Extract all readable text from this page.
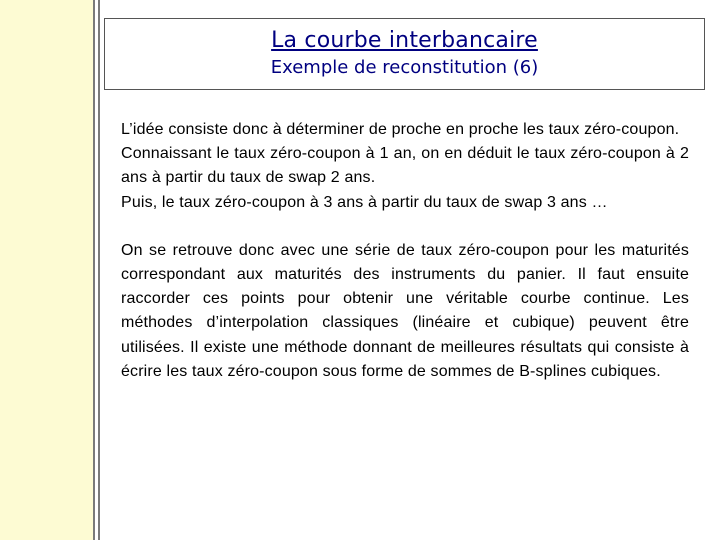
La courbe interbancaire
Exemple de reconstitution (6)

L’idée consiste donc à déterminer de proche en proche les taux zéro-coupon.

Connaissant le taux zéro-coupon à 1 an, on en déduit le taux zéro-coupon à 2 ans à partir du taux de swap 2 ans.

Puis, le taux zéro-coupon à 3 ans à partir du taux de swap 3 ans …

On se retrouve donc avec une série de taux zéro-coupon pour les maturités correspondant aux maturités des instruments du panier. Il faut ensuite raccorder ces points pour obtenir une véritable courbe continue. Les méthodes d’interpolation classiques (linéaire et cubique) peuvent être utilisées. Il existe une méthode donnant de meilleures résultats qui consiste à écrire les taux zéro-coupon sous forme de sommes de B-splines cubiques.
